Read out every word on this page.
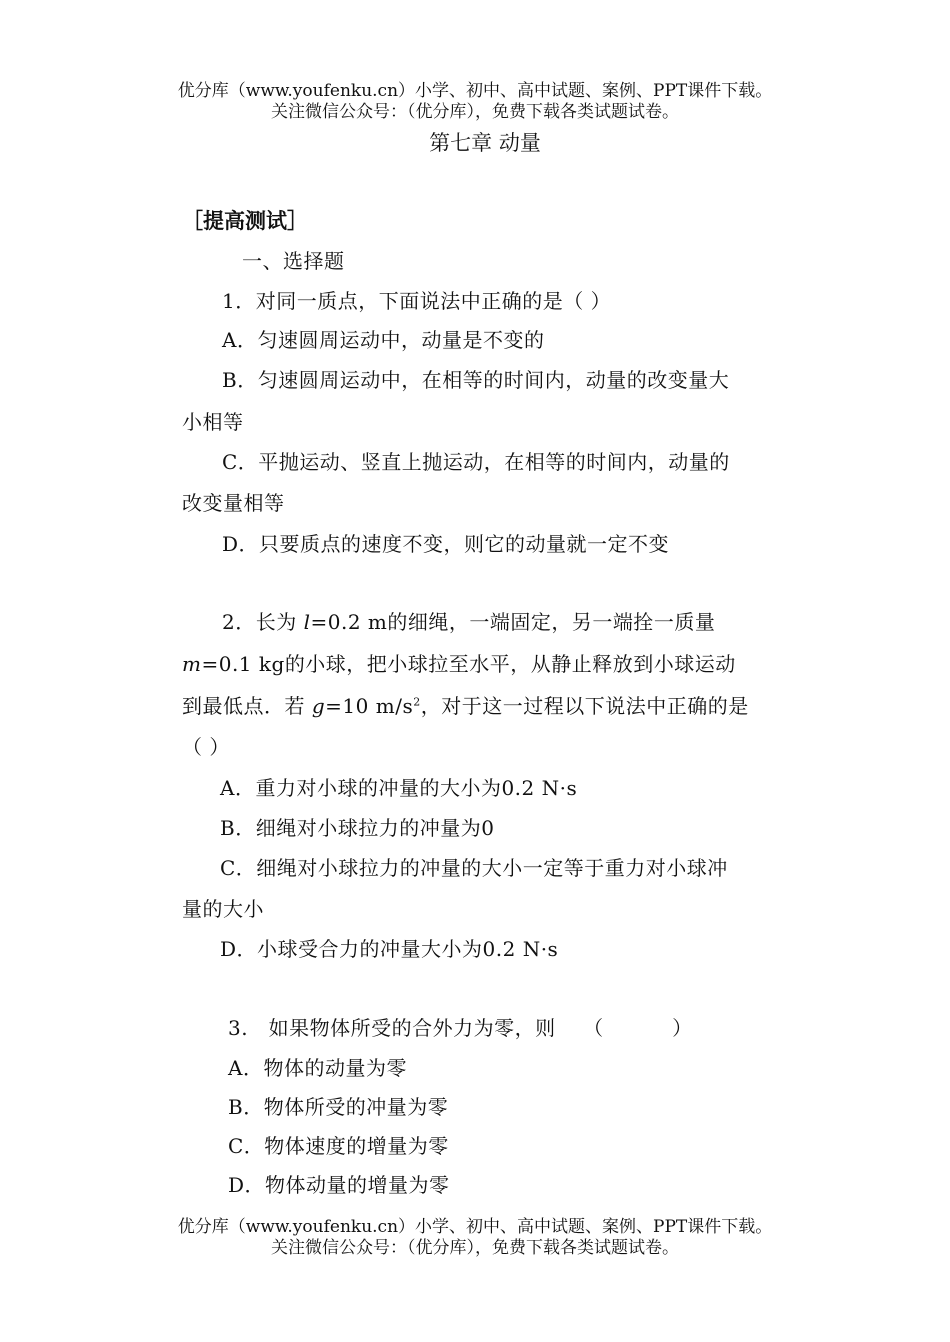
优分库（www.youfenku.cn）小学、初中、高中试题、案例、PPT课件下载。
关注微信公众号：（优分库），免费下载各类试题试卷。
第七章 动量
［提高测试］
一、选择题
1．对同一质点，下面说法中正确的是（ ）
A．匀速圆周运动中，动量是不变的
B．匀速圆周运动中，在相等的时间内，动量的改变量大
小相等
C．平抛运动、竖直上抛运动，在相等的时间内，动量的
改变量相等
D．只要质点的速度不变，则它的动量就一定不变
2．长为 l=0.2 m的细绳，一端固定，另一端拴一质量
m=0.1 kg的小球，把小球拉至水平，从静止释放到小球运动
到最低点．若 g=10 $m/s^2$，对于这一过程以下说法中正确的是
（ ）
A．重力对小球的冲量的大小为0.2 N·s
B．细绳对小球拉力的冲量为0
C．细绳对小球拉力的冲量的大小一定等于重力对小球冲
量的大小
D．小球受合力的冲量大小为0.2 N·s
3.   如果物体所受的合外力为零，则    （          ）
A．物体的动量为零
B．物体所受的冲量为零
C．物体速度的增量为零
D．物体动量的增量为零
优分库（www.youfenku.cn）小学、初中、高中试题、案例、PPT课件下载。
关注微信公众号：（优分库），免费下载各类试题试卷。
